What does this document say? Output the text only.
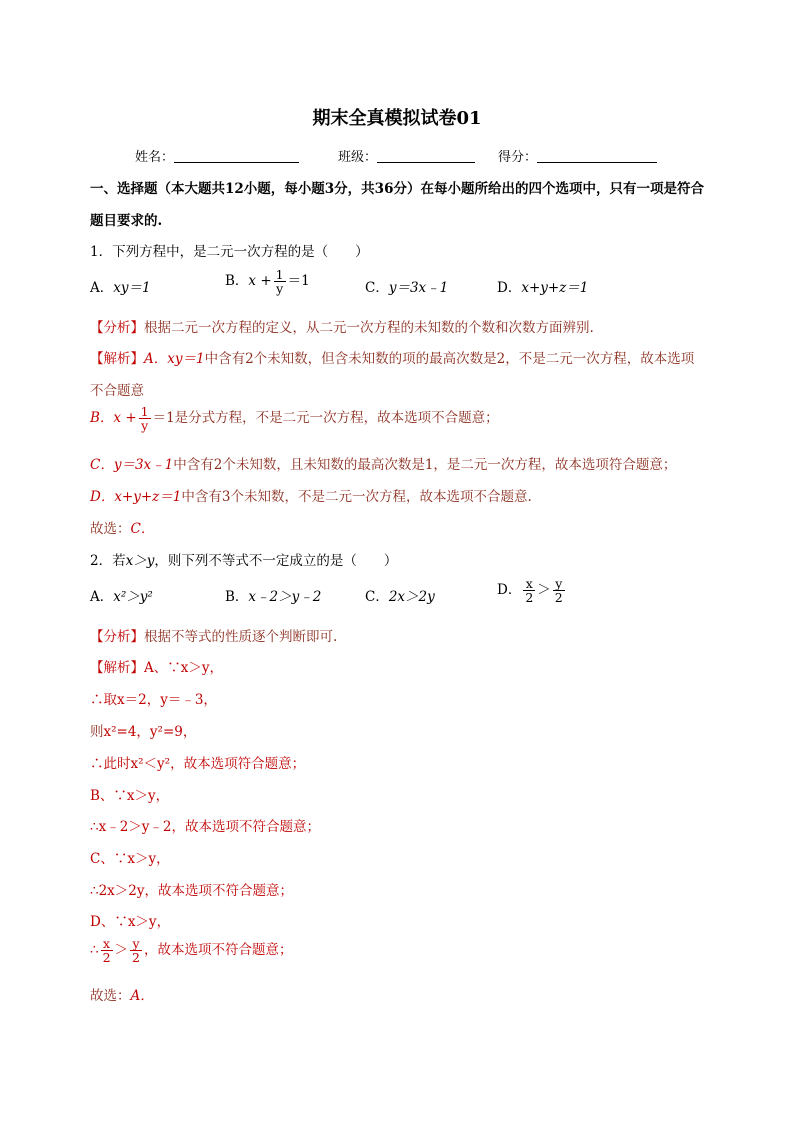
期末全真模拟试卷01
姓名：	班级：	得分：
一、选择题（本大题共12小题，每小题3分，共36分）在每小题所给出的四个选项中，只有一项是符合
题目要求的.
1．下列方程中，是二元一次方程的是（　　）
A．xy＝1	B．$x + \frac{1}{y} =1$	C．y＝3x﹣1	D．x+y+z＝1
【分析】根据二元一次方程的定义，从二元一次方程的未知数的个数和次数方面辨别.
【解析】A．xy＝1中含有2个未知数，但含未知数的项的最高次数是2，不是二元一次方程，故本选项
不合题意
B．$x + \frac{1}{y} =1$是分式方程，不是二元一次方程，故本选项不合题意；
C．y＝3x﹣1中含有2个未知数，且未知数的最高次数是1，是二元一次方程，故本选项符合题意；
D．x+y+z＝1中含有3个未知数，不是二元一次方程，故本选项不合题意.
故选：C．
2．若x＞y，则下列不等式不一定成立的是（　　）
A．x²＞y²	B．x﹣2＞y﹣2	C．2x＞2y	D． $\frac{x}{2} > \frac{y}{2}$
【分析】根据不等式的性质逐个判断即可.
【解析】A、∵x＞y，
∴取x＝2，y＝﹣3，
则x²=4，y²=9，
∴此时x²＜y²，故本选项符合题意；
B、∵x＞y，
∴x﹣2＞y﹣2，故本选项不符合题意；
C、∵x＞y，
∴2x＞2y，故本选项不符合题意；
D、∵x＞y，
∴ $\frac{x}{2} > \frac{y}{2}$ ，故本选项不符合题意；
故选：A．
